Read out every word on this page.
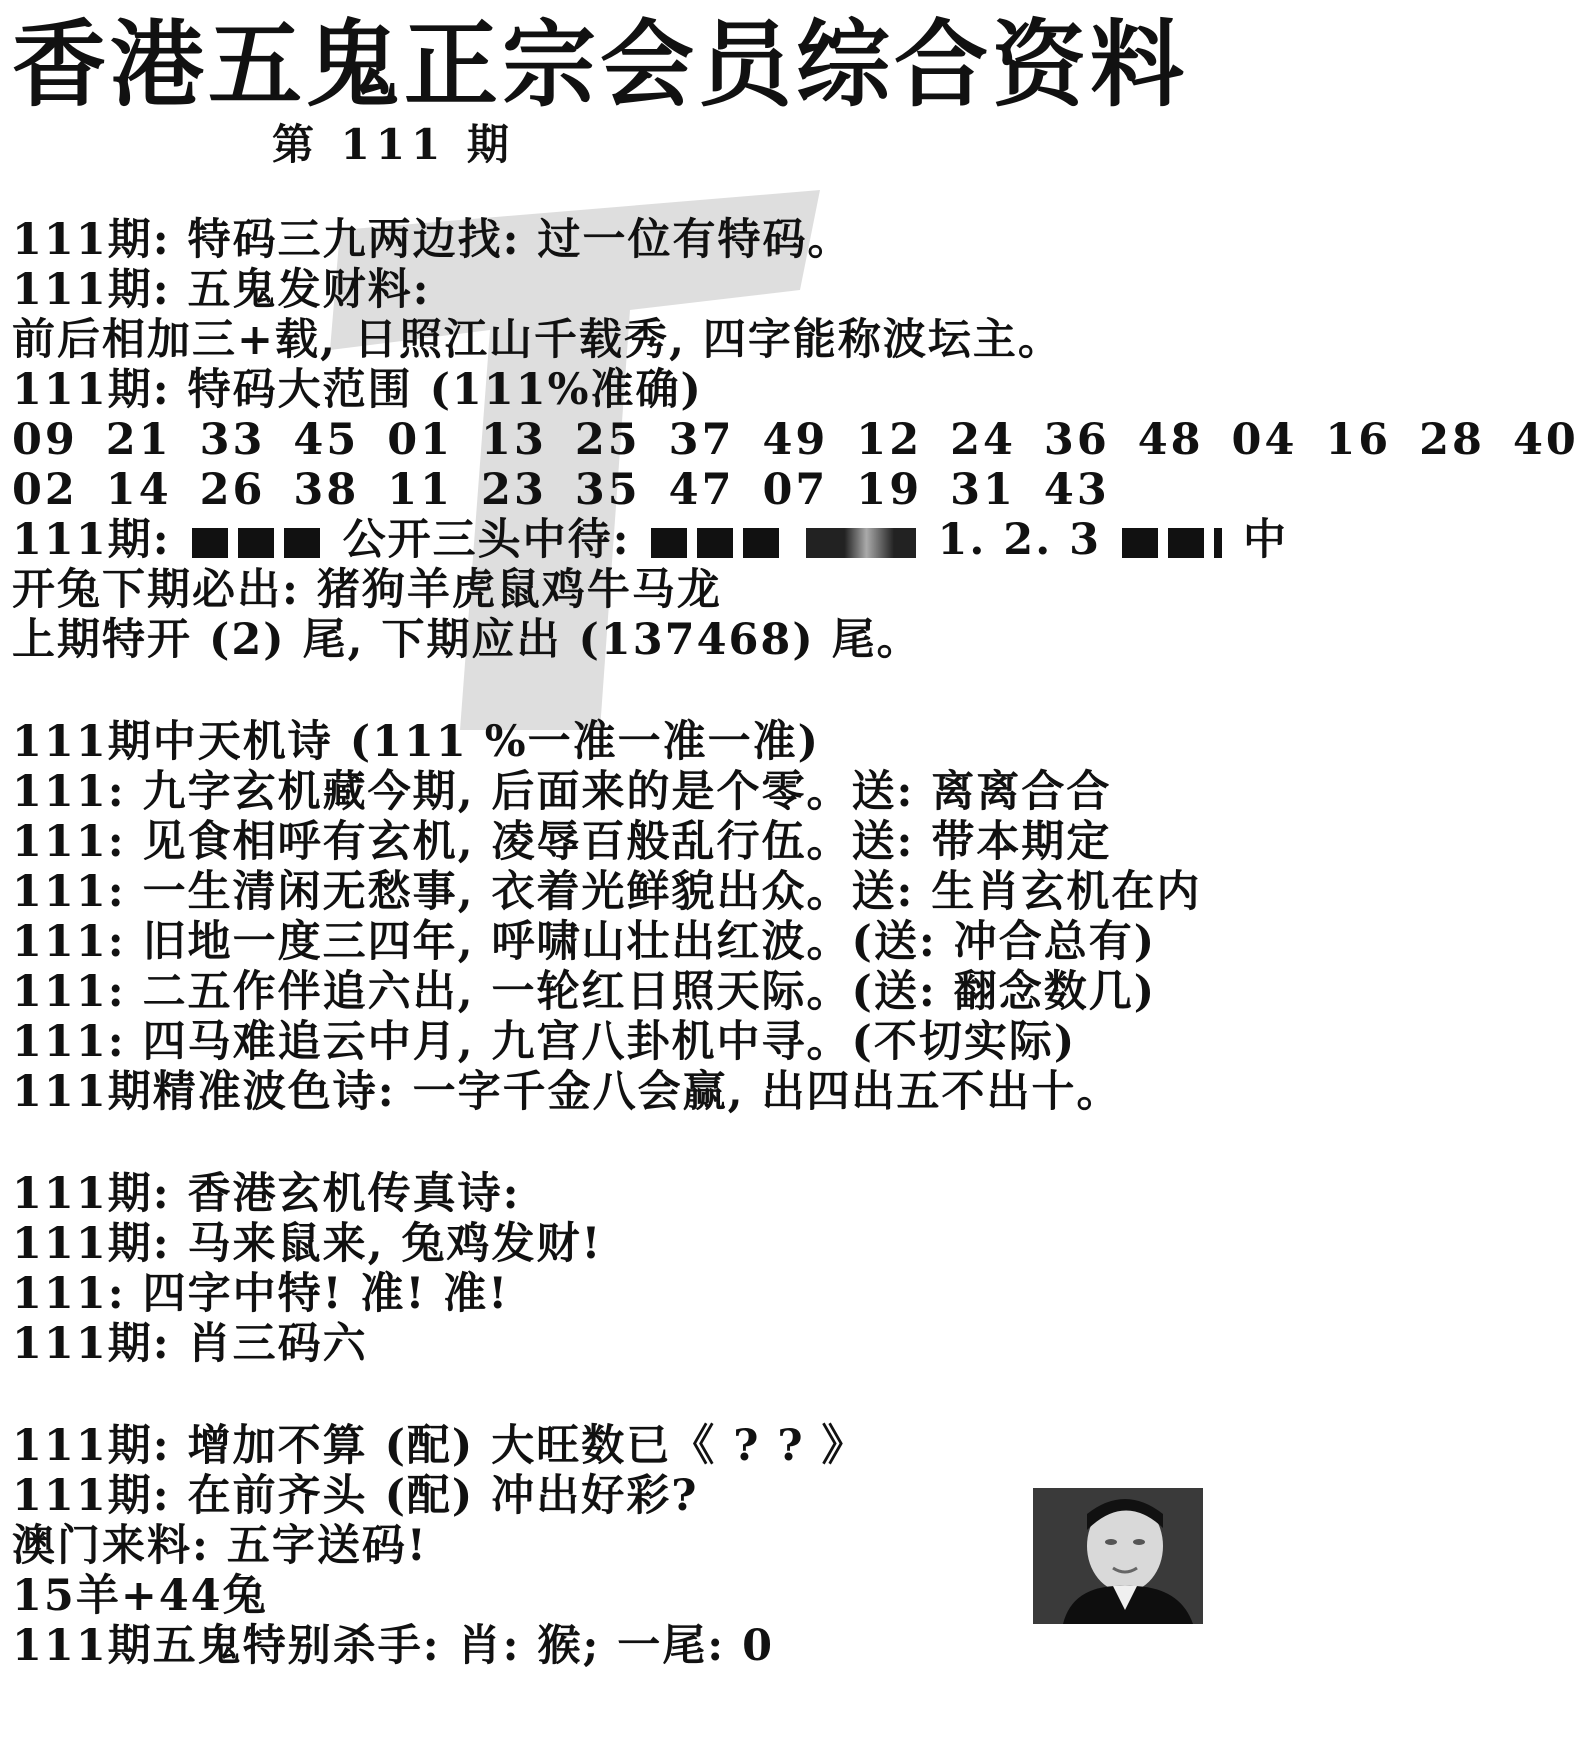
香港五鬼正宗会员综合资料
第 111 期
111期: 特码三九两边找: 过一位有特码。
111期: 五鬼发财料:
前后相加三+载, 日照江山千载秀, 四字能称波坛主。
111期: 特码大范围 (111%准确)
09 21 33 45 01 13 25 37 49 12 24 36 48 04 16 28 40
02 14 26 38 11 23 35 47 07 19 31 43
111期:	公开三头中待:	1. 2. 3	中
开兔下期必出: 猪狗羊虎鼠鸡牛马龙
上期特开 (2) 尾, 下期应出 (137468) 尾。
111期中天机诗 (111 %一准一准一准)
111: 九字玄机藏今期, 后面来的是个零。送: 离离合合
111: 见食相呼有玄机, 凌辱百般乱行伍。送: 带本期定
111: 一生清闲无愁事, 衣着光鲜貌出众。送: 生肖玄机在内
111: 旧地一度三四年, 呼啸山壮出红波。(送: 冲合总有)
111: 二五作伴追六出, 一轮红日照天际。(送: 翻念数几)
111: 四马难追云中月, 九宫八卦机中寻。(不切实际)
111期精准波色诗: 一字千金八会赢, 出四出五不出十。
111期: 香港玄机传真诗:
111期: 马来鼠来, 兔鸡发财!
111: 四字中特! 准! 准!
111期: 肖三码六
111期: 增加不算 (配) 大旺数已《 ? ? 》
111期: 在前齐头 (配) 冲出好彩?
澳门来料: 五字送码!
15羊+44兔
111期五鬼特别杀手: 肖: 猴; 一尾: 0
